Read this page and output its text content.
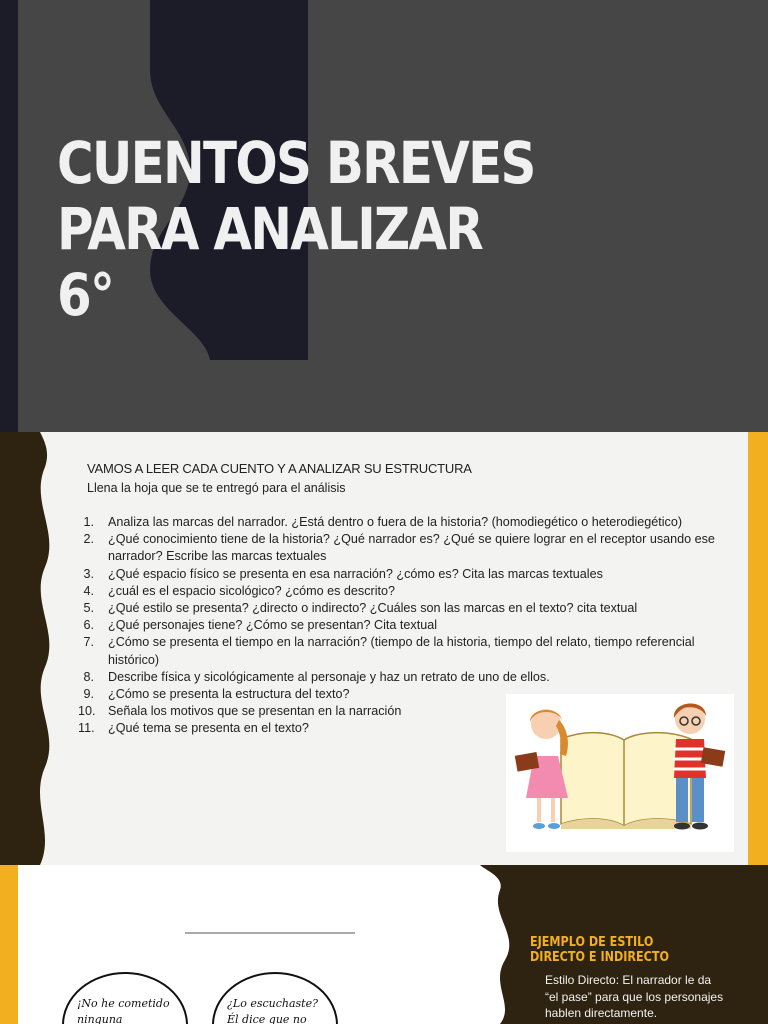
CUENTOS BREVES
PARA ANALIZAR
6°
VAMOS A LEER CADA CUENTO Y A ANALIZAR SU ESTRUCTURA
Llena la hoja que se te entregó para el análisis
1. Analiza las marcas del narrador. ¿Está dentro o fuera de la historia? (homodiegético o heterodiegético)
2. ¿Qué conocimiento tiene de la historia? ¿Qué narrador es? ¿Qué se quiere lograr en el receptor usando ese narrador? Escribe las marcas textuales
3. ¿Qué espacio físico se presenta en esa narración? ¿cómo es? Cita las marcas textuales
4. ¿cuál es el espacio sicológico? ¿cómo es descrito?
5. ¿Qué estilo se presenta? ¿directo o indirecto? ¿Cuáles son las marcas en el texto? cita textual
6. ¿Qué personajes tiene? ¿Cómo se presentan? Cita textual
7. ¿Cómo se presenta el tiempo en la narración? (tiempo de la historia, tiempo del relato, tiempo referencial histórico)
8. Describe física y sicológicamente al personaje y haz un retrato de uno de ellos.
9. ¿Cómo se presenta la estructura del texto?
10. Señala los motivos que se presentan en la narración
11. ¿Qué tema se presenta en el texto?
¡No he cometido
ninguna
¿Lo escuchaste?
Él dice que no
EJEMPLO DE ESTILO DIRECTO E INDIRECTO
Estilo Directo: El narrador le da “el pase” para que los personajes hablen directamente.
